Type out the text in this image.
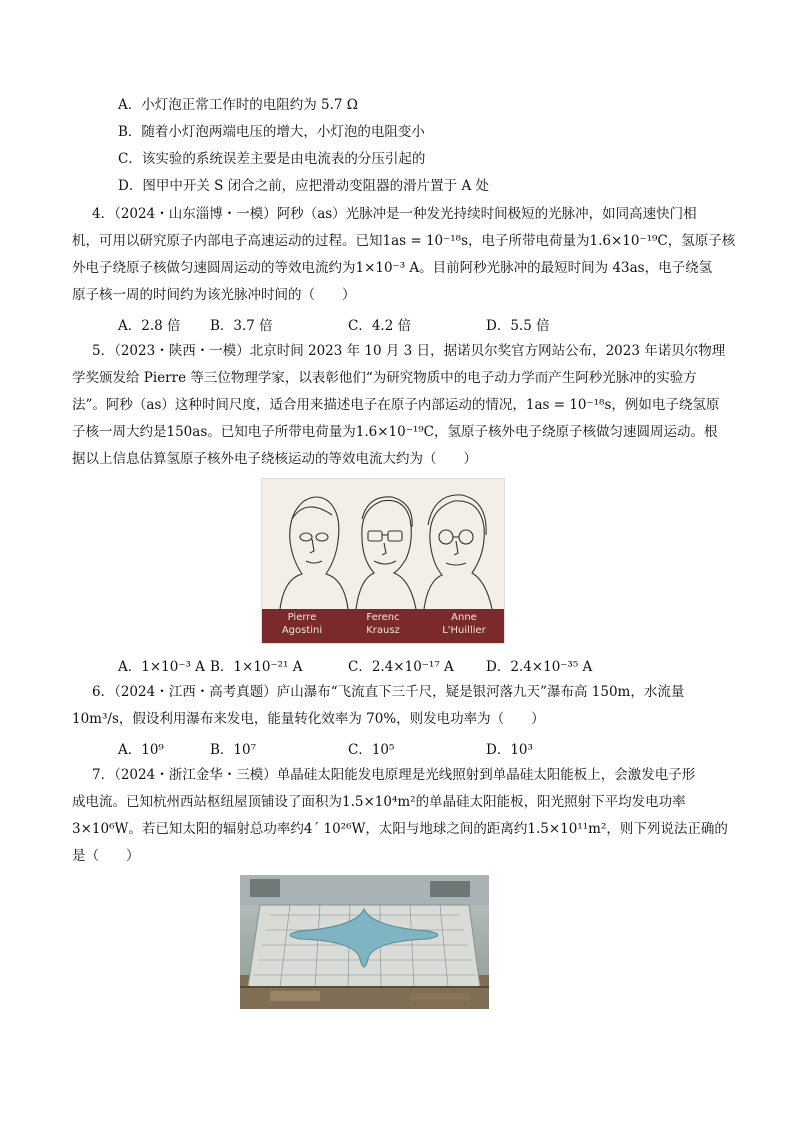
A．小灯泡正常工作时的电阻约为 5.7 Ω
B．随着小灯泡两端电压的增大，小灯泡的电阻变小
C．该实验的系统误差主要是由电流表的分压引起的
D．图甲中开关 S 闭合之前，应把滑动变阻器的滑片置于 A 处
4．（2024・山东淄博・一模）阿秒（as）光脉冲是一种发光持续时间极短的光脉冲，如同高速快门相
机，可用以研究原子内部电子高速运动的过程。已知1as = 10⁻¹⁸s，电子所带电荷量为1.6×10⁻¹⁹C，氢原子核
外电子绕原子核做匀速圆周运动的等效电流约为1×10⁻³ A。目前阿秒光脉冲的最短时间为 43as，电子绕氢
原子核一周的时间约为该光脉冲时间的（　　）
A．2.8 倍 B．3.7 倍	C．4.2 倍	D．5.5 倍
5．（2023・陕西・一模）北京时间 2023 年 10 月 3 日，据诺贝尔奖官方网站公布，2023 年诺贝尔物理
学奖颁发给 Pierre 等三位物理学家，以表彰他们“为研究物质中的电子动力学而产生阿秒光脉冲的实验方
法”。阿秒（as）这种时间尺度，适合用来描述电子在原子内部运动的情况，1as = 10⁻¹⁸s，例如电子绕氢原
子核一周大约是150as。已知电子所带电荷量为1.6×10⁻¹⁹C，氢原子核外电子绕原子核做匀速圆周运动。根
据以上信息估算氢原子核外电子绕核运动的等效电流大约为（　　）
Pierre
Agostini
Ferenc
Krausz
Anne
L'Huillier
A．1×10⁻³ A B．1×10⁻²¹ A	C．2.4×10⁻¹⁷ A D．2.4×10⁻³⁵ A
6．（2024・江西・高考真题）庐山瀑布“飞流直下三千尺，疑是银河落九天”瀑布高 150m，水流量
10m³/s，假设利用瀑布来发电，能量转化效率为 70%，则发电功率为（　　）
A．10⁹	B．10⁷	C．10⁵	D．10³
7．（2024・浙江金华・三模）单晶硅太阳能发电原理是光线照射到单晶硅太阳能板上，会激发电子形
成电流。已知杭州西站枢纽屋顶铺设了面积为1.5×10⁴m²的单晶硅太阳能板，阳光照射下平均发电功率
3×10⁶W。若已知太阳的辐射总功率约4´ 10²⁶W，太阳与地球之间的距离约1.5×10¹¹m²，则下列说法正确的
是（　　）
